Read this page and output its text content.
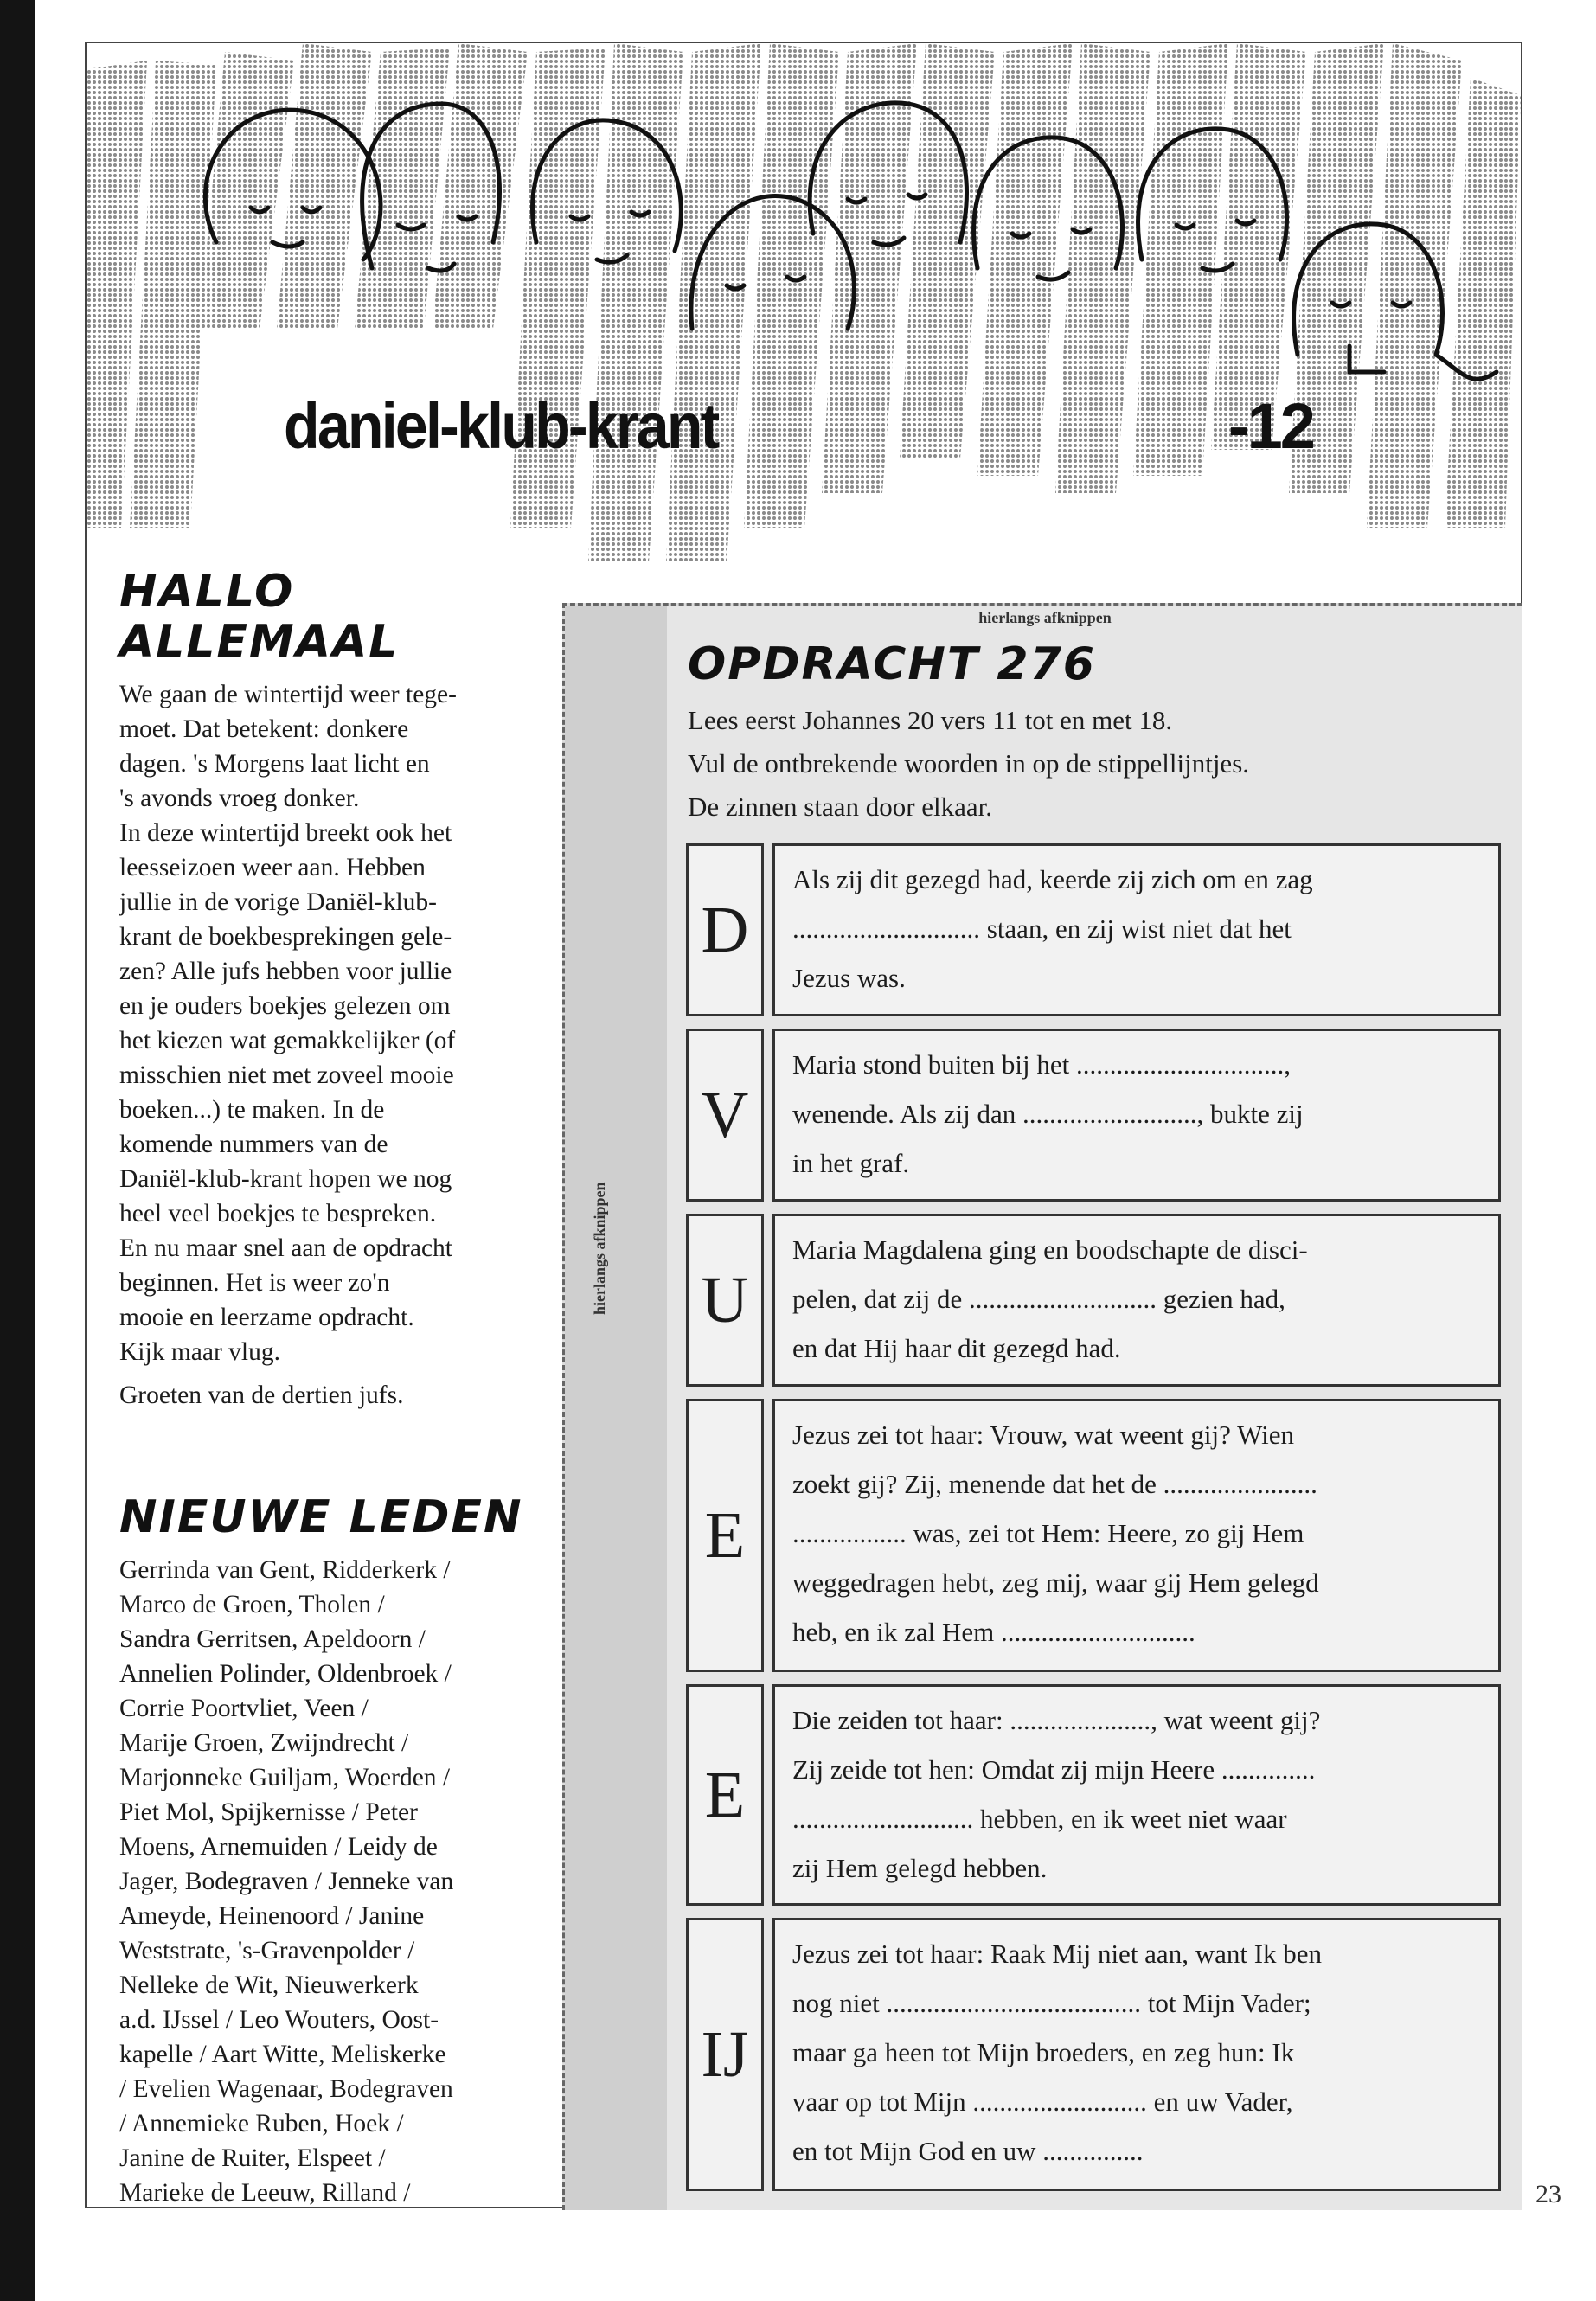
daniel-klub-krant	-12

HALLO

ALLEMAAL

We gaan de wintertijd weer tege-
moet. Dat betekent: donkere
dagen. 's Morgens laat licht en
's avonds vroeg donker.
In deze wintertijd breekt ook het
leesseizoen weer aan. Hebben
jullie in de vorige Daniël-klub-
krant de boekbesprekingen gele-
zen? Alle jufs hebben voor jullie
en je ouders boekjes gelezen om
het kiezen wat gemakkelijker (of
misschien niet met zoveel mooie
boeken...) te maken. In de
komende nummers van de
Daniël-klub-krant hopen we nog
heel veel boekjes te bespreken.
En nu maar snel aan de opdracht
beginnen. Het is weer zo'n
mooie en leerzame opdracht.
Kijk maar vlug.

Groeten van de dertien jufs.

NIEUWE LEDEN

Gerrinda van Gent, Ridderkerk /
Marco de Groen, Tholen /
Sandra Gerritsen, Apeldoorn /
Annelien Polinder, Oldenbroek /
Corrie Poortvliet, Veen /
Marije Groen, Zwijndrecht /
Marjonneke Guiljam, Woerden /
Piet Mol, Spijkernisse / Peter
Moens, Arnemuiden / Leidy de
Jager, Bodegraven / Jenneke van
Ameyde, Heinenoord / Janine
Weststrate, 's-Gravenpolder /
Nelleke de Wit, Nieuwerkerk
a.d. IJssel / Leo Wouters, Oost-
kapelle / Aart Witte, Meliskerke
/ Evelien Wagenaar, Bodegraven
/ Annemieke Ruben, Hoek /
Janine de Ruiter, Elspeet /
Marieke de Leeuw, Rilland /

hierlangs afknippen
hierlangs afknippen
OPDRACHT 276
Lees eerst Johannes 20 vers 11 tot en met 18.
Vul de ontbrekende woorden in op de stippellijntjes.
De zinnen staan door elkaar.
D
Als zij dit gezegd had, keerde zij zich om en zag
............................ staan, en zij wist niet dat het
Jezus was.
V
Maria stond buiten bij het ...............................,
wenende. Als zij dan .........................., bukte zij
in het graf.
U
Maria Magdalena ging en boodschapte de disci-
pelen, dat zij de ............................ gezien had,
en dat Hij haar dit gezegd had.
E
Jezus zei tot haar: Vrouw, wat weent gij? Wien
zoekt gij? Zij, menende dat het de .......................
................. was, zei tot Hem: Heere, zo gij Hem
weggedragen hebt, zeg mij, waar gij Hem gelegd
heb, en ik zal Hem .............................
E
Die zeiden tot haar: ....................., wat weent gij?
Zij zeide tot hen: Omdat zij mijn Heere ..............
........................... hebben, en ik weet niet waar
zij Hem gelegd hebben.
IJ
Jezus zei tot haar: Raak Mij niet aan, want Ik ben
nog niet ...................................... tot Mijn Vader;
maar ga heen tot Mijn broeders, en zeg hun: Ik
vaar op tot Mijn .......................... en uw Vader,
en tot Mijn God en uw ...............
23
